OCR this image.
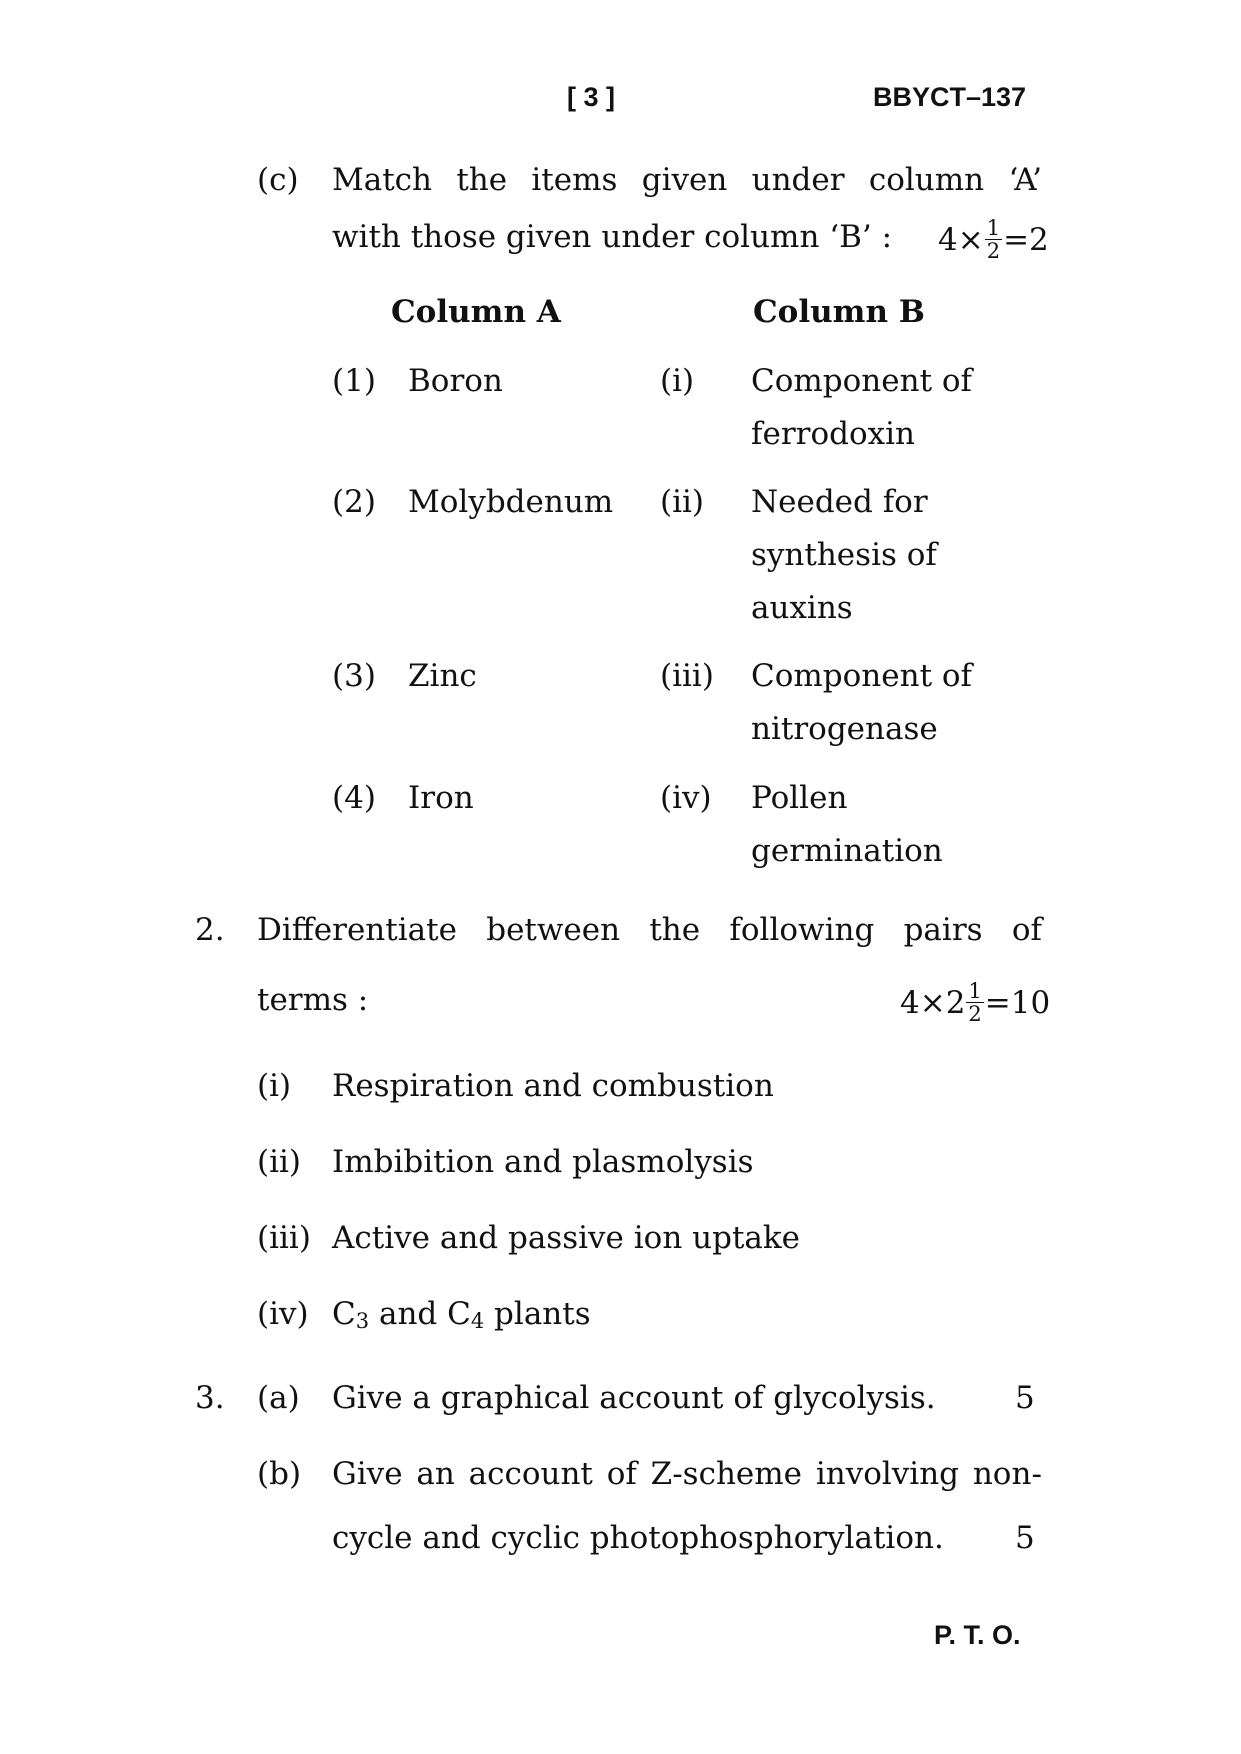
[ 3 ]	BBYCT–137
(c) Match the items given under column ‘A’
with those given under column ‘B’ : $4\times \frac{1}{2} =2$
Column A	Column B
(1) Boron	(i) Component of
ferrodoxin
(2) Molybdenum (ii) Needed for
synthesis of
auxins
(3) Zinc	(iii) Component of
nitrogenase
(4) Iron	(iv) Pollen
germination
2. Differentiate between the following pairs of
terms :	$4\times 2 \frac{1}{2} =10$
(i) Respiration and combustion
(ii) Imbibition and plasmolysis
(iii) Active and passive ion uptake
(iv) $C_3$ and $C_4$ plants
3. (a) Give a graphical account of glycolysis.	5
(b) Give an account of Z-scheme involving non-
cycle and cyclic photophosphorylation. 5
P. T. O.
